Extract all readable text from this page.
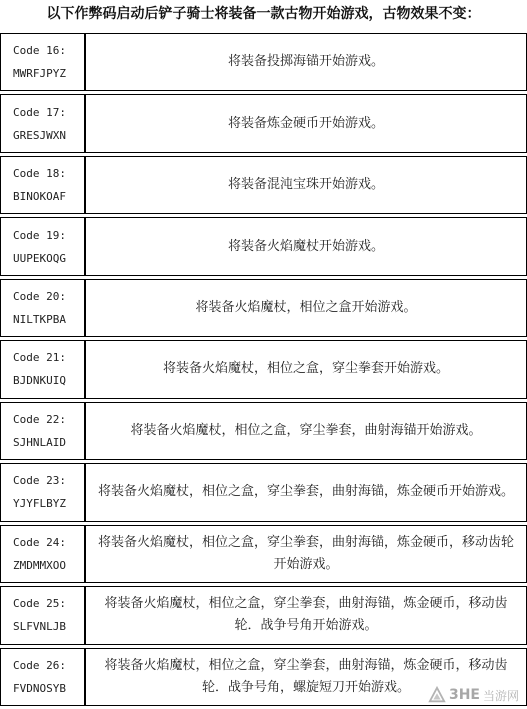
以下作弊码启动后铲子骑士将装备一款古物开始游戏，古物效果不变：
Code 16:
MWRFJPYZ	将装备投掷海锚开始游戏。

Code 17:
GRESJWXN	将装备炼金硬币开始游戏。

Code 18:
BINOKOAF	将装备混沌宝珠开始游戏。

Code 19:
UUPEKOQG	将装备火焰魔杖开始游戏。

Code 20:
NILTKPBA	将装备火焰魔杖，相位之盒开始游戏。

Code 21:
BJDNKUIQ	将装备火焰魔杖，相位之盒，穿尘拳套开始游戏。

Code 22:
SJHNLAID	将装备火焰魔杖，相位之盒，穿尘拳套，曲射海锚开始游戏。

Code 23:
YJYFLBYZ	将装备火焰魔杖，相位之盒，穿尘拳套，曲射海锚，炼金硬币开始游戏。

Code 24:
ZMDMMXOO	将装备火焰魔杖，相位之盒，穿尘拳套，曲射海锚，炼金硬币，移动齿轮开始游戏。

Code 25:
SLFVNLJB	将装备火焰魔杖，相位之盒，穿尘拳套，曲射海锚，炼金硬币，移动齿轮．战争号角开始游戏。

Code 26:
FVDNOSYB	将装备火焰魔杖，相位之盒，穿尘拳套，曲射海锚，炼金硬币，移动齿轮．战争号角，螺旋短刀开始游戏。	3HE 当游网
